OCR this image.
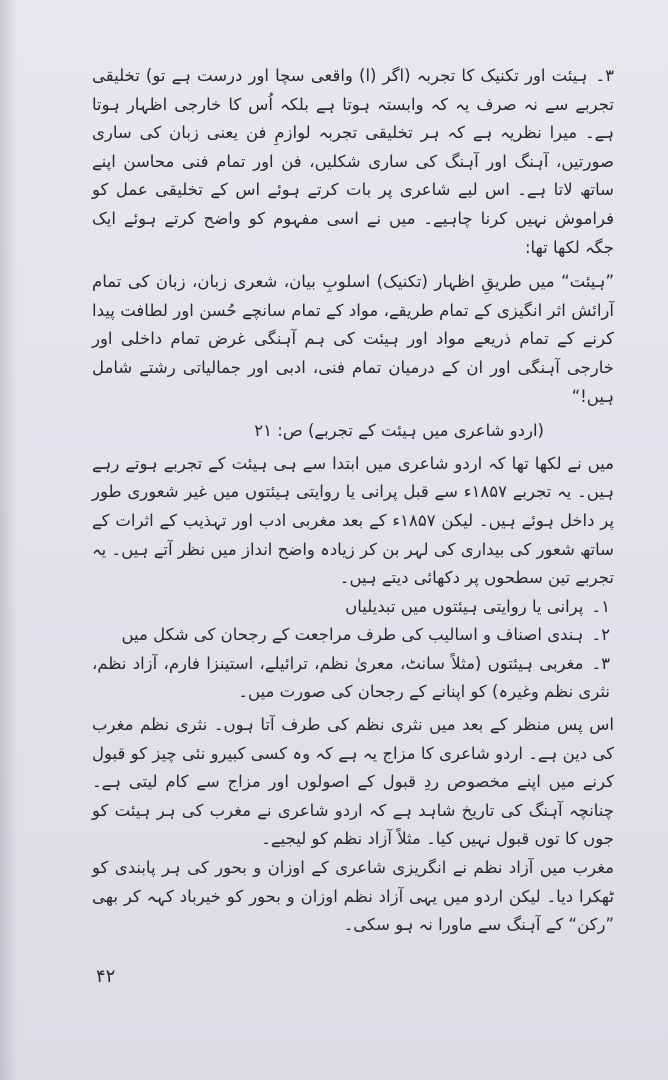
۳۔ہیئت اور تکنیک کا تجربہ (اگر (ا) واقعی سچا اور درست ہے تو) تخلیقی تجربے سے نہ صرف یہ کہ وابستہ ہوتا ہے بلکہ اُس کا خارجی اظہار ہوتا ہے۔ میرا نظریہ ہے کہ ہر تخلیقی تجربہ لوازمِ فن یعنی زبان کی ساری صورتیں، آہنگ اور آہنگ کی ساری شکلیں، فن اور تمام فنی محاسن اپنے ساتھ لاتا ہے۔ اس لیے شاعری پر بات کرتے ہوئے اس کے تخلیقی عمل کو فراموش نہیں کرنا چاہیے۔ میں نے اسی مفہوم کو واضح کرتے ہوئے ایک جگہ لکھا تھا:

”ہیئت“ میں طریقِ اظہار (تکنیک) اسلوبِ بیان، شعری زبان، زبان کی تمام آرائش اثر انگیزی کے تمام طریقے، مواد کے تمام سانچے حُسن اور لطافت پیدا کرنے کے تمام ذریعے مواد اور ہیئت کی ہم آہنگی غرض تمام داخلی اور خارجی آہنگی اور ان کے درمیان تمام فنی، ادبی اور جمالیاتی رشتے شامل ہیں!“

(اردو شاعری میں ہیئت کے تجربے) ص: ۲۱

میں نے لکھا تھا کہ اردو شاعری میں ابتدا سے ہی ہیئت کے تجربے ہوتے رہے ہیں۔ یہ تجربے ۱۸۵۷ء سے قبل پرانی یا روایتی ہیئتوں میں غیر شعوری طور پر داخل ہوئے ہیں۔ لیکن ۱۸۵۷ء کے بعد مغربی ادب اور تہذیب کے اثرات کے ساتھ شعور کی بیداری کی لہر بن کر زیادہ واضح انداز میں نظر آتے ہیں۔ یہ تجربے تین سطحوں پر دکھائی دیتے ہیں۔

۱۔پرانی یا روایتی ہیئتوں میں تبدیلیاں

۲۔ہندی اصناف و اسالیب کی طرف مراجعت کے رجحان کی شکل میں

۳۔مغربی ہیئتوں (مثلاً سانٹ، معریٰ نظم، ترائیلے، استینزا فارم، آزاد نظم، نثری نظم وغیرہ) کو اپنانے کے رجحان کی صورت میں۔

اس پس منظر کے بعد میں نثری نظم کی طرف آتا ہوں۔ نثری نظم مغرب کی دین ہے۔ اردو شاعری کا مزاج یہ ہے کہ وہ کسی کبیرو نئی چیز کو قبول کرنے میں اپنے مخصوص ردِ قبول کے اصولوں اور مزاج سے کام لیتی ہے۔ چنانچہ آہنگ کی تاریخ شاہد ہے کہ اردو شاعری نے مغرب کی ہر ہیئت کو جوں کا توں قبول نہیں کیا۔ مثلاً آزاد نظم کو لیجیے۔

مغرب میں آزاد نظم نے انگریزی شاعری کے اوزان و بحور کی ہر پابندی کو ٹھکرا دیا۔ لیکن اردو میں یہی آزاد نظم اوزان و بحور کو خیرباد کہہ کر بھی ”رکن“ کے آہنگ سے ماورا نہ ہو سکی۔

۴۲
